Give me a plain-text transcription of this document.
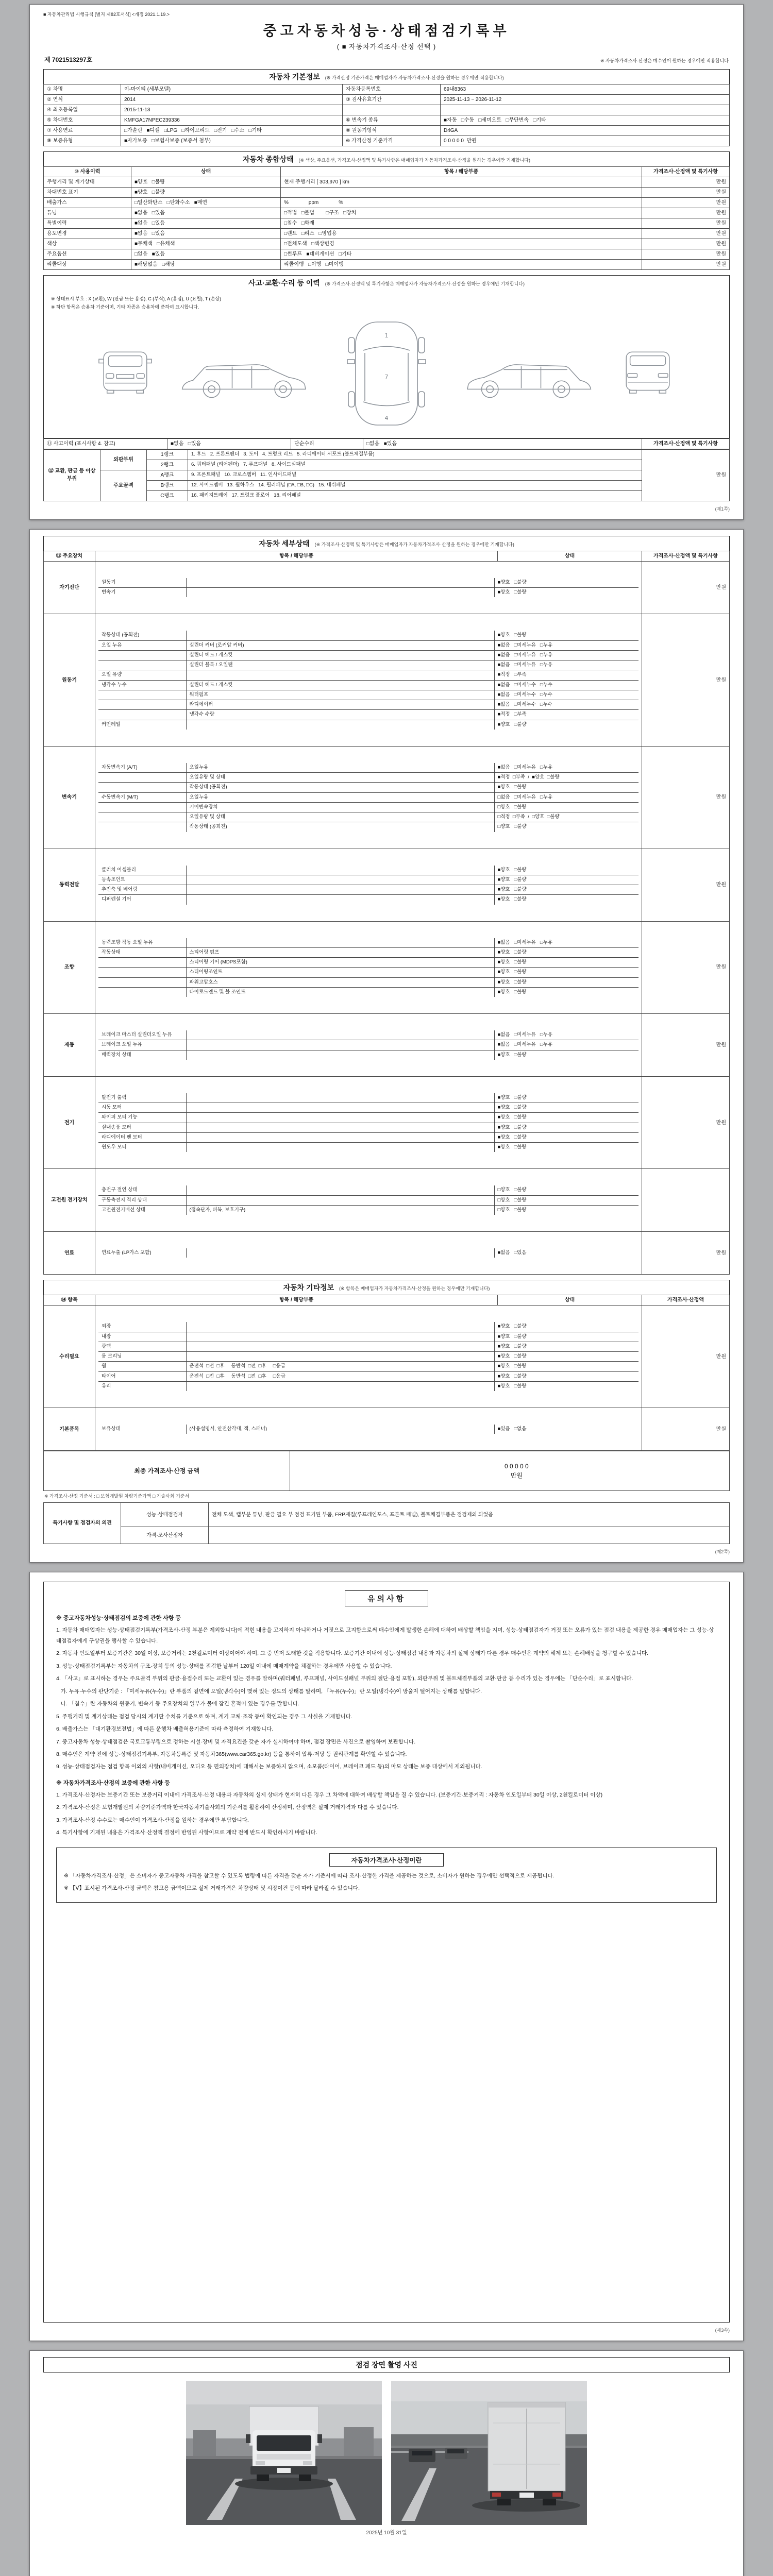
■ 자동차관리법 시행규칙 [별지 제82호서식] <개정 2021.1.19.>
중고자동차성능·상태점검기록부
( ■ 자동차가격조사·산정 선택 )
제 7021513297호	※ 자동차가격조사·산정은 매수인이 원하는 경우에만 적용합니다
자동차 기본정보 (※ 가격산정 기준가격은 매매업자가 자동차가격조사·산정을 원하는 경우에만 적용합니다)
① 차명	이-마이티 (세부모델)	자동차등록번호	69내8363
② 연식	2014	③ 검사유효기간	2025-11-13 ~ 2026-11-12
④ 최초등록일	2015-11-13		
⑤ 차대번호	KMFGA17NPEC239336	⑥ 변속기 종류	■자동   □수동   □세미오토   □무단변속   □기타
⑦ 사용연료	□가솔린   ■디젤   □LPG   □하이브리드   □전기   □수소   □기타	⑧ 원동기형식	D4GA
⑨ 보증유형	■자가보증   □보험사보증 (보증서 첨부)	※ 가격산정 기준가격	0 0 0 0 0  만원
자동차 종합상태 (※ 색상, 주요옵션, 가격조사·산정액 및 특기사항은 매매업자가 자동차가격조사·산정을 원하는 경우에만 기재합니다)
⑩ 사용이력	상태	항목 / 해당부품	가격조사·산정액 및 특기사항
주행거리 및 계기상태	■양호   □불량	현재 주행거리 [ 303,970 ] km	만원
차대번호 표기	■양호   □불량		만원
배출가스	□일산화탄소   □탄화수소   ■매연	%              ppm              %	만원
튜닝	■없음   □있음	□적법   □불법        □구조   □장치	만원
특별이력	■없음   □있음	□침수   □화재	만원
용도변경	■없음   □있음	□렌트   □리스   □영업용	만원
색상	■무채색   □유채색	□전체도색   □색상변경	만원
주요옵션	□없음   ■있음	□썬루프   ■네비게이션   □기타	만원
리콜대상	■해당없음   □해당	리콜이행   □이행   □미이행	만원
사고·교환·수리 등 이력 (※ 가격조사·산정액 및 특기사항은 매매업자가 자동차가격조사·산정을 원하는 경우에만 기재합니다)
※ 상태표시 부호 : X (교환), W (판금 또는 용접), C (부식), A (흠집), U (요철), T (손상)
※ 하단 항목은 승용차 기준이며, 기타 차종은 승용차에 준하여 표시합니다.
1
7
4
⑪ 사고이력 (표시사항 4. 참고)	■없음   □있음	단순수리	□없음   ■있음	가격조사·산정액 및 특기사항
⑫ 교환, 판금 등 이상 부위	외판부위	1랭크	1. 후드   2. 프론트펜더   3. 도어   4. 트렁크 리드   5. 라디에이터 서포트 (볼트체결부품)	만원
		2랭크	6. 쿼터패널 (리어펜더)   7. 루프패널   8. 사이드실패널	
	주요골격	A랭크	9. 프론트패널   10. 크로스멤버   11. 인사이드패널	
		B랭크	12. 사이드멤버   13. 휠하우스   14. 필러패널 (□A, □B, □C)   15. 대쉬패널	
		C랭크	16. 패키지트레이   17. 트렁크 플로어   18. 리어패널	
(제1쪽)
자동차 세부상태 (※ 가격조사·산정액 및 특기사항은 매매업자가 자동차가격조사·산정을 원하는 경우에만 기재합니다)
⑬ 주요장치	항목 / 해당부품	상태	가격조사·산정액 및 특기사항
자기진단	

원동기		■양호   □불량
변속기		■양호   □불량

	만원
원동기	

작동상태 (공회전)		■양호   □불량
오일 누유	실린더 커버 (로커암 커버)	■없음   □미세누유   □누유
	실린더 헤드 / 개스킷	■없음   □미세누유   □누유
	실린더 블록 / 오일팬	■없음   □미세누유   □누유
오일 유량		■적정   □부족
냉각수 누수	실린더 헤드 / 개스킷	■없음   □미세누수   □누수
	워터펌프	■없음   □미세누수   □누수
	라디에이터	■없음   □미세누수   □누수
	냉각수 수량	■적정   □부족
커먼레일		■양호   □불량

	만원
변속기	

자동변속기 (A/T)	오일누유	■없음   □미세누유   □누유
	오일유량 및 상태	■적정  □부족  /  ■양호  □불량
	작동상태 (공회전)	■양호   □불량
수동변속기 (M/T)	오일누유	□없음   □미세누유   □누유
	기어변속장치	□양호   □불량
	오일유량 및 상태	□적정  □부족  /  □양호  □불량
	작동상태 (공회전)	□양호   □불량

	만원
동력전달	

클러치 어셈블리		■양호   □불량
등속조인트		■양호   □불량
추진축 및 베어링		■양호   □불량
디퍼렌셜 기어		■양호   □불량

	만원
조향	

동력조향 작동 오일 누유		■없음   □미세누유   □누유
작동상태	스티어링 펌프	■양호   □불량
	스티어링 기어 (MDPS포함)	■양호   □불량
	스티어링조인트	■양호   □불량
	파워고압호스	■양호   □불량
	타이로드엔드 및 볼 조인트	■양호   □불량

	만원
제동	

브레이크 마스터 실린더오일 누유		■없음   □미세누유   □누유
브레이크 오일 누유		■없음   □미세누유   □누유
배력장치 상태		■양호   □불량

	만원
전기	

발전기 출력		■양호   □불량
시동 모터		■양호   □불량
와이퍼 모터 기능		■양호   □불량
실내송풍 모터		■양호   □불량
라디에이터 팬 모터		■양호   □불량
윈도우 모터		■양호   □불량

	만원
고전원 전기장치	

충전구 절연 상태		□양호   □불량
구동축전지 격리 상태		□양호   □불량
고전원전기배선 상태	(접속단자, 피복, 보호기구)	□양호   □불량

연료	
	연료누출 (LP가스 포함)		■없음   □있음

		만원
자동차 기타정보 (※ 항목은 매매업자가 자동차가격조사·산정을 원하는 경우에만 기재합니다)
⑭ 항목	항목 / 해당부품	상태	가격조사·산정액
수리필요	

외장		■양호   □불량
내장		■양호   □불량
광택		■양호   □불량
룸 크리닝		■양호   □불량
휠	운전석  □전  □후     동반석  □전  □후     □응급	■양호   □불량
타이어	운전석  □전  □후     동반석  □전  □후     □응급	■양호   □불량
유리		■양호   □불량

	만원
기본품목	
	보유상태	(사용설명서, 안전삼각대, 잭, 스패너)	■있음   □없음

		만원
최종 가격조사·산정 금액	
0 0 0 0 0
만원

※ 가격조사·산정 기준서 : □ 보험개발원 차량기준가액 □ 기술사회 기준서
특기사항 및 점검자의 의견	성능·상태점검자	전체 도색, 캡부분 튜닝, 판금 필요 부 점검 표기된 부품, FRP재질(루프레인포스, 프론트 패널), 볼트체결부품은 점검제외 되었음
	가격·조사산정자	
(제2쪽)
유의사항
※ 중고자동차성능·상태점검의 보증에 관한 사항 등

1. 자동차 매매업자는 성능·상태점검기록부(가격조사·산정 부분은 제외합니다)에 적힌 내용을 고지하지 아니하거나 거짓으로 고지함으로써 매수인에게 발생한 손해에 대하여 배상할 책임을 지며, 성능·상태점검자가 거짓 또는 오류가 있는 점검 내용을 제공한 경우 매매업자는 그 성능·상태점검자에게 구상권을 행사할 수 있습니다.

2. 자동차 인도일부터 보증기간은 30일 이상, 보증거리는 2천킬로미터 이상이어야 하며, 그 중 먼저 도래한 것을 적용합니다. 보증기간 이내에 성능·상태점검 내용과 자동차의 실제 상태가 다른 경우 매수인은 계약의 해제 또는 손해배상을 청구할 수 있습니다.

3. 성능·상태점검기록부는 자동차의 구조·장치 등의 성능·상태를 점검한 날부터 120일 이내에 매매계약을 체결하는 경우에만 사용할 수 있습니다.

4. 「사고」로 표시하는 경우는 주요골격 부위의 판금·용접수리 또는 교환이 있는 경우를 말하며(쿼터패널, 루프패널, 사이드실패널 부위의 절단·용접 포함), 외판부위 및 볼트체결부품의 교환·판금 등 수리가 있는 경우에는 「단순수리」로 표시합니다.

가. 누유·누수의 판단기준 : 「미세누유(누수)」란 부품의 겉면에 오일(냉각수)이 맺혀 있는 정도의 상태를 말하며, 「누유(누수)」란 오일(냉각수)이 방울져 떨어지는 상태를 말합니다.

나. 「침수」란 자동차의 원동기, 변속기 등 주요장치의 일부가 물에 잠긴 흔적이 있는 경우를 말합니다.

5. 주행거리 및 계기상태는 점검 당시의 계기판 수치를 기준으로 하며, 계기 교체·조작 등이 확인되는 경우 그 사실을 기재합니다.

6. 배출가스는 「대기환경보전법」에 따른 운행차 배출허용기준에 따라 측정하여 기재합니다.

7. 중고자동차 성능·상태점검은 국토교통부령으로 정하는 시설·장비 및 자격요건을 갖춘 자가 실시하여야 하며, 점검 장면은 사진으로 촬영하여 보관합니다.

8. 매수인은 계약 전에 성능·상태점검기록부, 자동차등록증 및 자동차365(www.car365.go.kr) 등을 통하여 압류·저당 등 권리관계를 확인할 수 있습니다.

9. 성능·상태점검자는 점검 항목 이외의 사항(내비게이션, 오디오 등 편의장치)에 대해서는 보증하지 않으며, 소모품(타이어, 브레이크 패드 등)의 마모 상태는 보증 대상에서 제외됩니다.

※ 자동차가격조사·산정의 보증에 관한 사항 등

1. 가격조사·산정자는 보증기간 또는 보증거리 이내에 가격조사·산정 내용과 자동차의 실제 상태가 현저히 다른 경우 그 차액에 대하여 배상할 책임을 질 수 있습니다. (보증기간·보증거리 : 자동차 인도일부터 30일 이상, 2천킬로미터 이상)

2. 가격조사·산정은 보험개발원의 차량기준가액과 한국자동차기술사회의 기준서를 활용하여 산정하며, 산정액은 실제 거래가격과 다를 수 있습니다.

3. 가격조사·산정 수수료는 매수인이 가격조사·산정을 원하는 경우에만 부담합니다.

4. 특기사항에 기재된 내용은 가격조사·산정액 결정에 반영된 사항이므로 계약 전에 반드시 확인하시기 바랍니다.

자동차가격조사·산정이란

※ 「자동차가격조사·산정」은 소비자가 중고자동차 가격을 참고할 수 있도록 법령에 따른 자격을 갖춘 자가 기준서에 따라 조사·산정한 가격을 제공하는 것으로, 소비자가 원하는 경우에만 선택적으로 제공됩니다.

※ 【Ⅴ】표시된 가격조사·산정 금액은 참고용 금액이므로 실제 거래가격은 차량상태 및 시장여건 등에 따라 달라질 수 있습니다.

(제3쪽)
점검 장면 촬영 사진
2025년 10월 31일
